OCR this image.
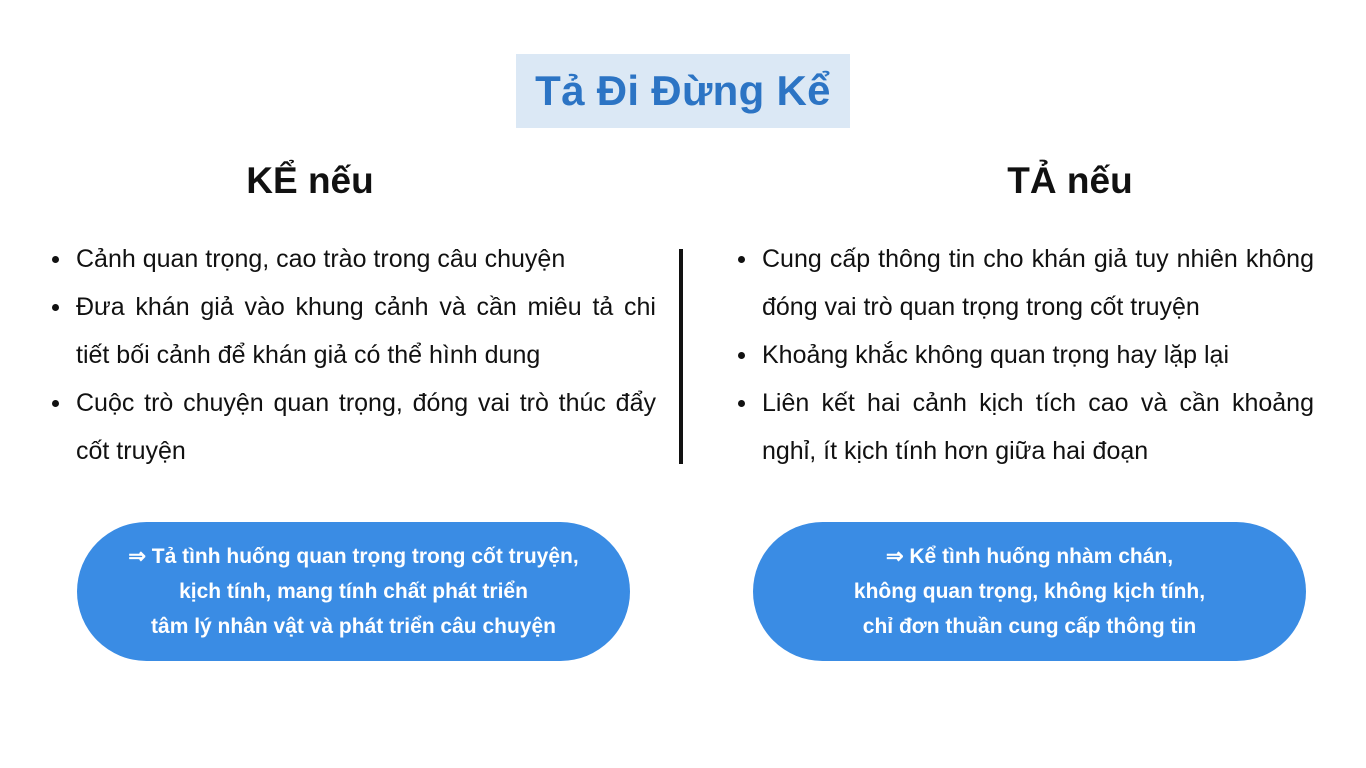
Tả Đi Đừng Kể
KỂ nếu	TẢ nếu
Cảnh quan trọng, cao trào trong câu chuyện
Đưa khán giả vào khung cảnh và cần miêu tả chi tiết bối cảnh để khán giả có thể hình dung
Cuộc trò chuyện quan trọng, đóng vai trò thúc đẩy cốt truyện
Cung cấp thông tin cho khán giả tuy nhiên không đóng vai trò quan trọng trong cốt truyện
Khoảng khắc không quan trọng hay lặp lại
Liên kết hai cảnh kịch tích cao và cần khoảng nghỉ, ít kịch tính hơn giữa hai đoạn
⇒ Tả tình huống quan trọng trong cốt truyện,
kịch tính, mang tính chất phát triển
tâm lý nhân vật và phát triển câu chuyện
⇒ Kể tình huống nhàm chán,
không quan trọng, không kịch tính,
chỉ đơn thuần cung cấp thông tin
